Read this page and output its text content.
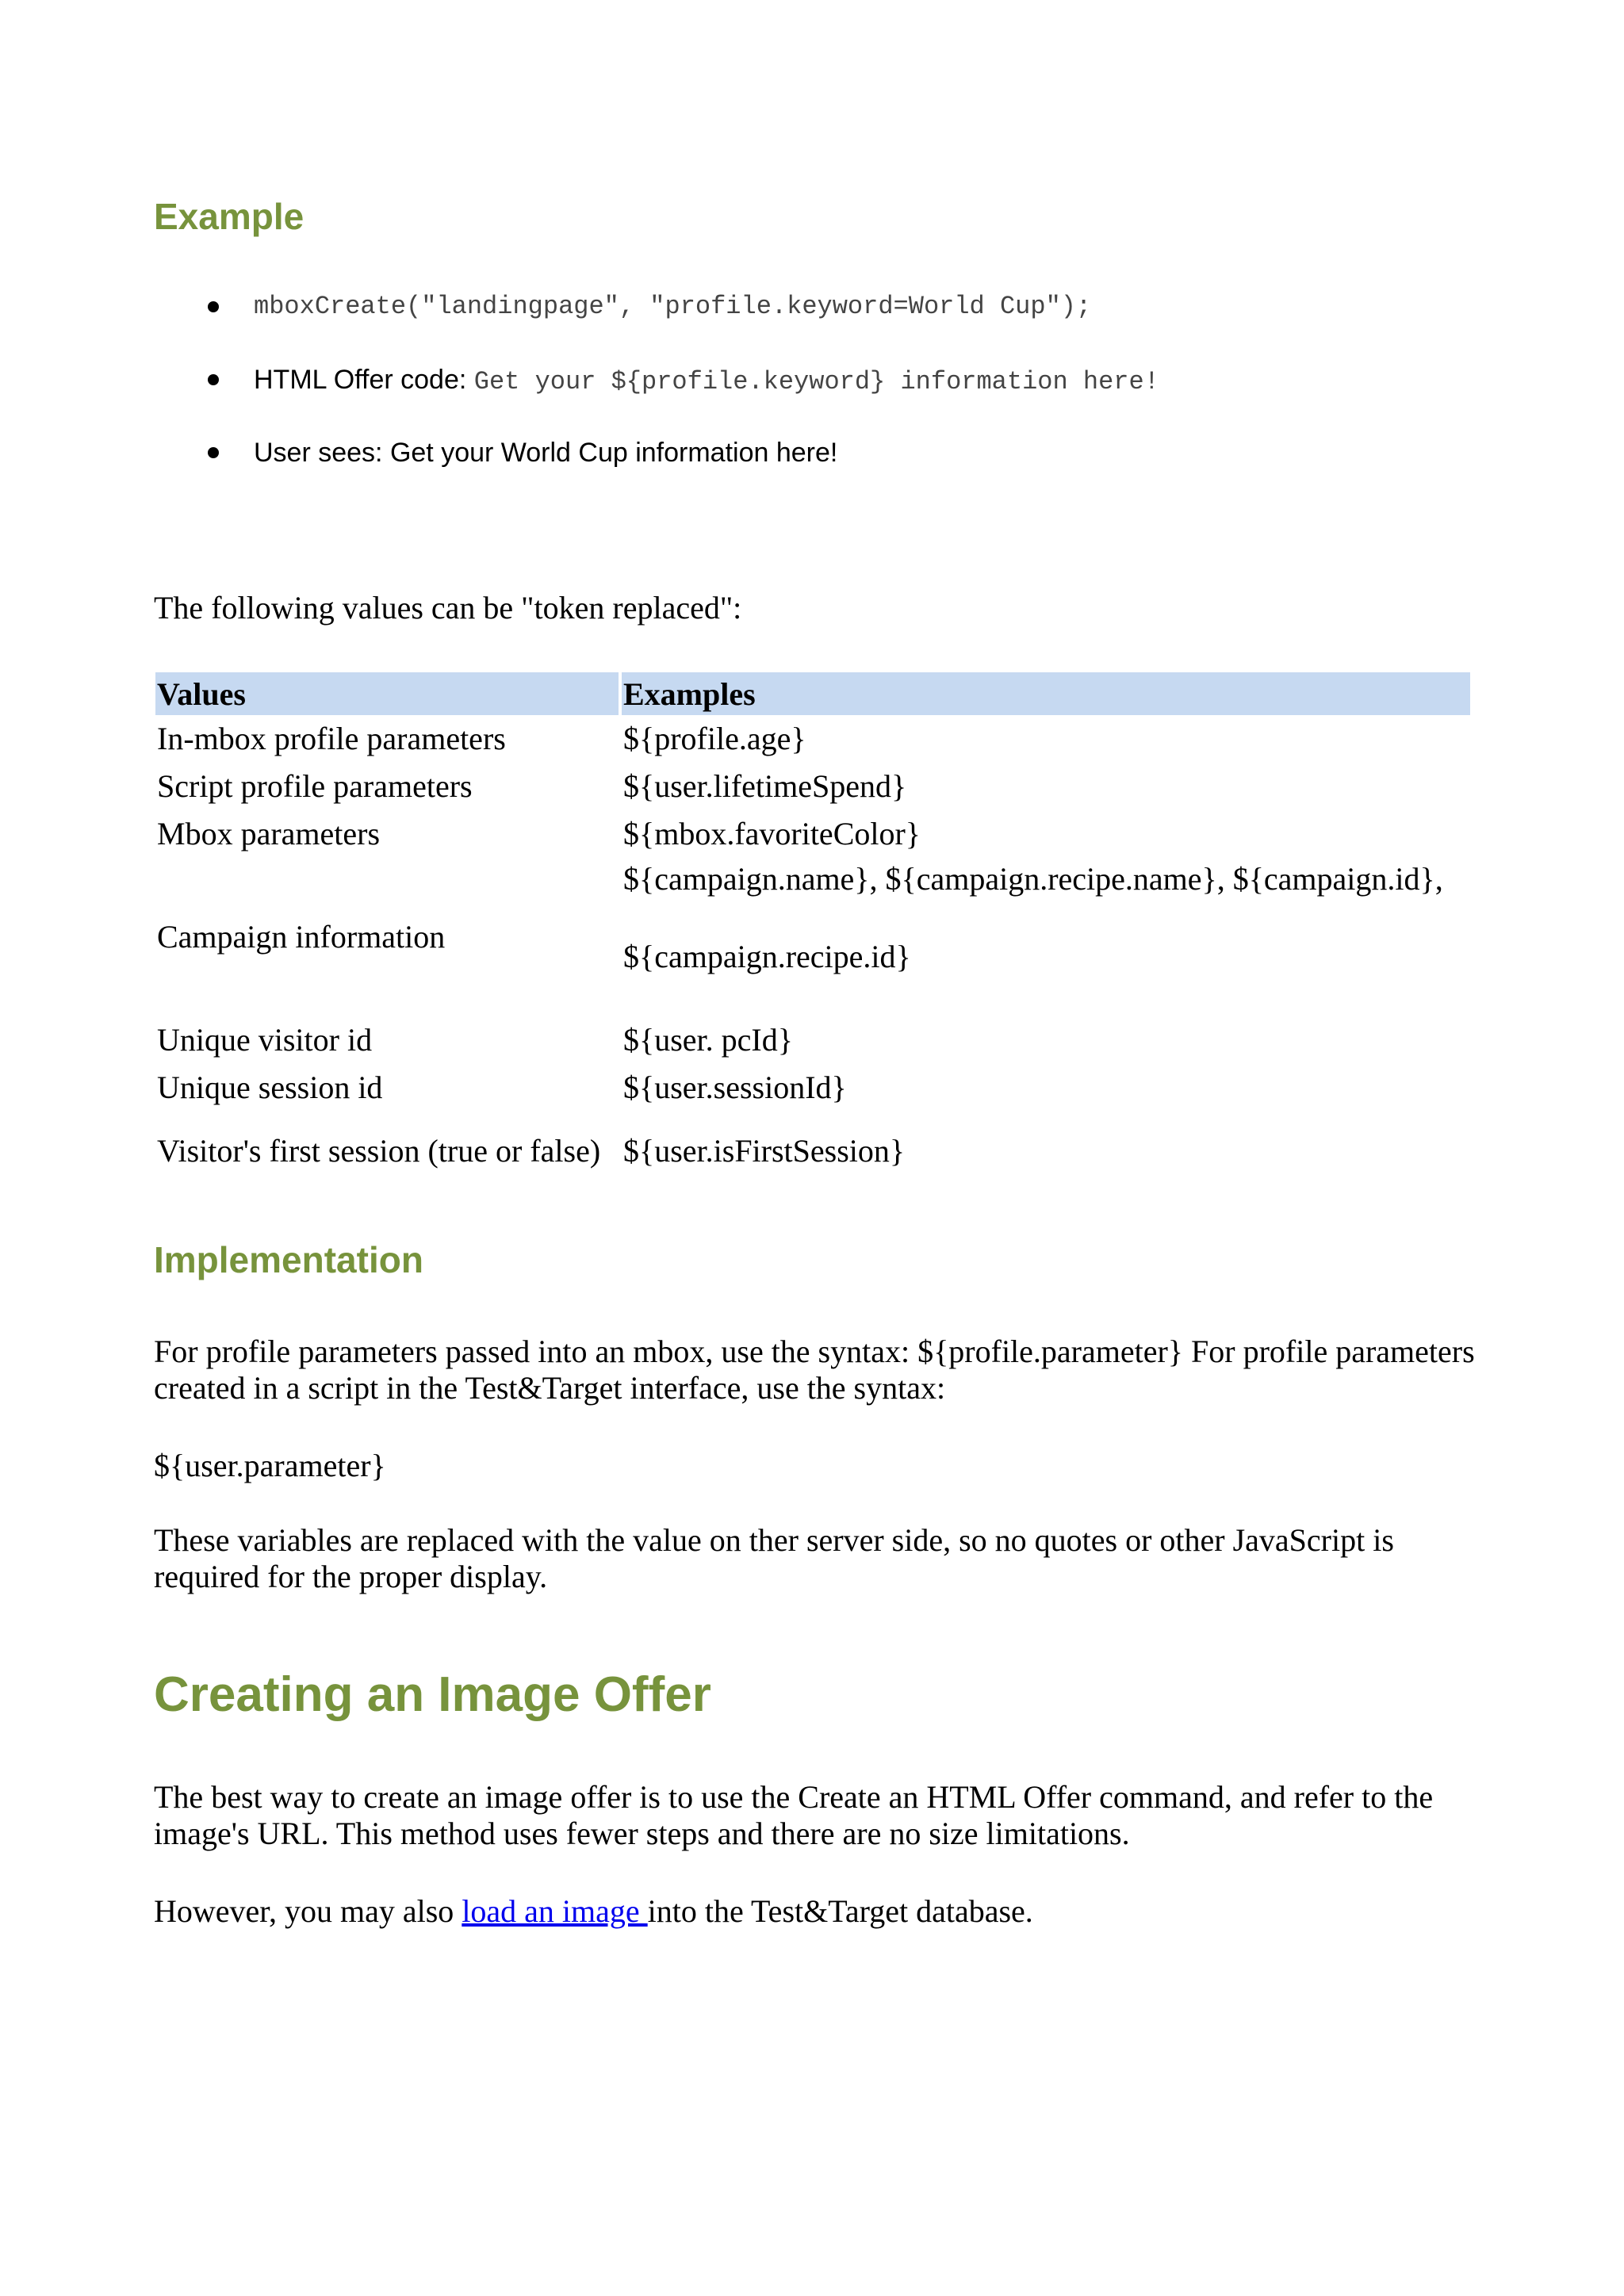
Example
mboxCreate("landingpage", "profile.keyword=World Cup");
HTML Offer code: Get your ${profile.keyword} information here!
User sees: Get your World Cup information here!

The following values can be "token replaced":

Values	Examples
In-mbox profile parameters	${profile.age}
Script profile parameters	${user.lifetimeSpend}
Mbox parameters	${mbox.favoriteColor}
Campaign information	${campaign.name}, ${campaign.recipe.name}, ${campaign.id},
${campaign.recipe.id}

Unique visitor id	${user. pcId}
Unique session id	${user.sessionId}
Visitor's first session (true or false)	${user.isFirstSession}
Implementation

For profile parameters passed into an mbox, use the syntax: ${profile.parameter} For profile parameters created in a script in the Test&Target interface, use the syntax:

${user.parameter}

These variables are replaced with the value on ther server side, so no quotes or other JavaScript is required for the proper display.

Creating an Image Offer

The best way to create an image offer is to use the Create an HTML Offer command, and refer to the image's URL. This method uses fewer steps and there are no size limitations.

However, you may also load an image into the Test&Target database.
